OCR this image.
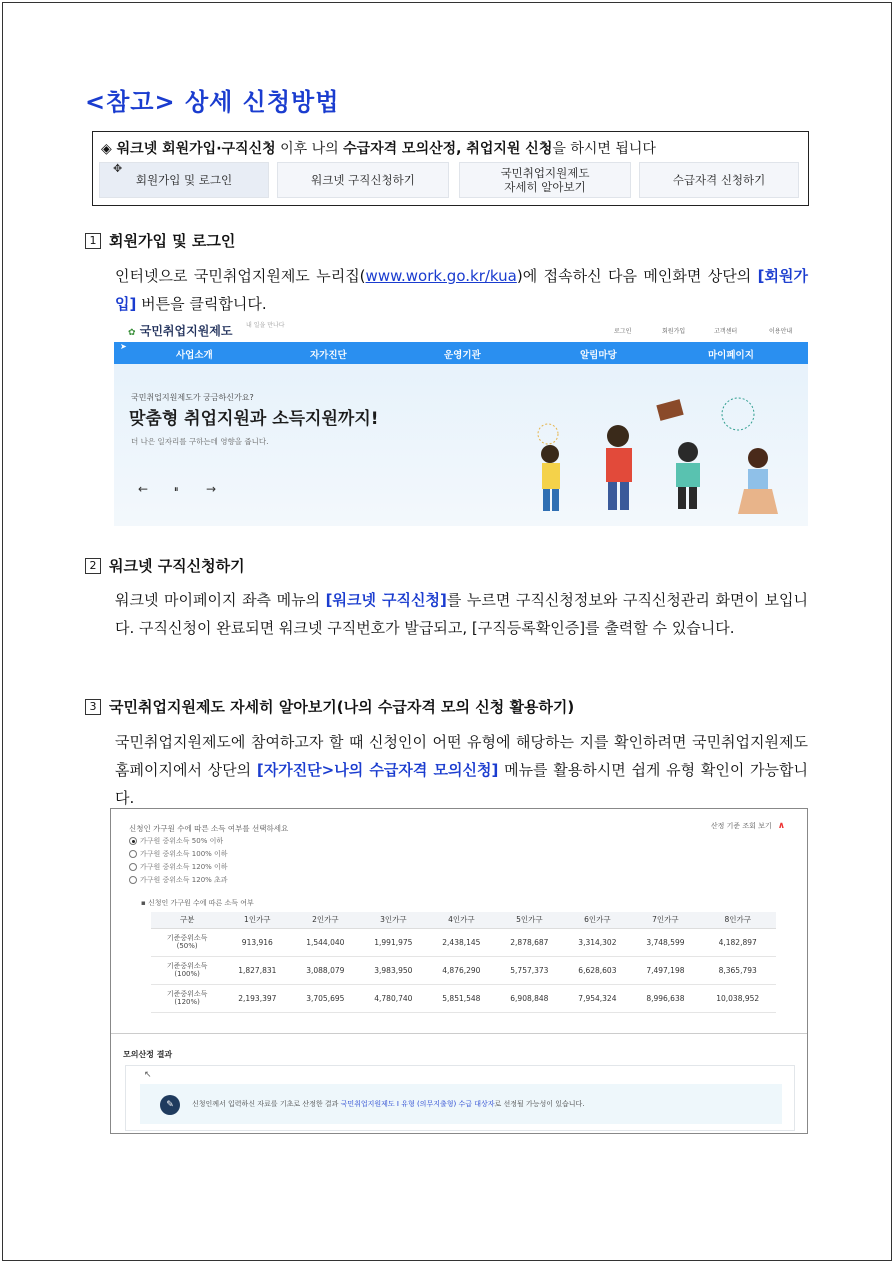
<참고> 상세 신청방법
◈ 워크넷 회원가입·구직신청 이후 나의 수급자격 모의산정, 취업지원 신청을 하시면 됩니다
회원가입 및 로그인
✥
워크넷 구직신청하기
국민취업지원제도
자세히 알아보기
수급자격 신청하기
1 회원가입 및 로그인

인터넷으로 국민취업지원제도 누리집(www.work.go.kr/kua)에 접속하신 다음 메인화면 상단의 [회원가입] 버튼을 클릭합니다.

✿ 국민취업지원제도 내 일을 만나다
로그인	회원가입	고객센터	이용안내
➤
사업소개	자가진단	운영기관	알림마당	마이페이지
국민취업지원제도가 궁금하신가요?
맞춤형 취업지원과 소득지원까지!
더 나은 일자리를 구하는데 영향을 줍니다.
←	⏸ →
2 워크넷 구직신청하기

워크넷 마이페이지 좌측 메뉴의 [워크넷 구직신청]를 누르면 구직신청정보와 구직신청관리 화면이 보입니다. 구직신청이 완료되면 워크넷 구직번호가 발급되고, [구직등록확인증]를 출력할 수 있습니다.

3 국민취업지원제도 자세히 알아보기(나의 수급자격 모의 신청 활용하기)

국민취업지원제도에 참여하고자 할 때 신청인이 어떤 유형에 해당하는 지를 확인하려면 국민취업지원제도 홈페이지에서 상단의 [자가진단>나의 수급자격 모의신청] 메뉴를 활용하시면 쉽게 유형 확인이 가능합니다.

신청인 가구원 수에 따른 소득 여부를 선택하세요	산정 기준 조회 보기 ∧
가구원 중위소득 50% 이하
가구원 중위소득 100% 이하
가구원 중위소득 120% 이하
가구원 중위소득 120% 초과
▪ 신청인 가구원 수에 따른 소득 여부
구분	1인가구	2인가구	3인가구	4인가구	5인가구	6인가구	7인가구	8인가구
기준중위소득
(50%)	913,916	1,544,040	1,991,975	2,438,145	2,878,687	3,314,302	3,748,599	4,182,897
기준중위소득
(100%)	1,827,831	3,088,079	3,983,950	4,876,290	5,757,373	6,628,603	7,497,198	8,365,793
기준중위소득
(120%)	2,193,397	3,705,695	4,780,740	5,851,548	6,908,848	7,954,324	8,996,638	10,038,952
모의산정 결과
↖
✎	신청인께서 입력하신 자료를 기초로 산정한 결과 국민취업지원제도 I 유형 (의무지출형) 수급 대상자로 선정될 가능성이 있습니다.
